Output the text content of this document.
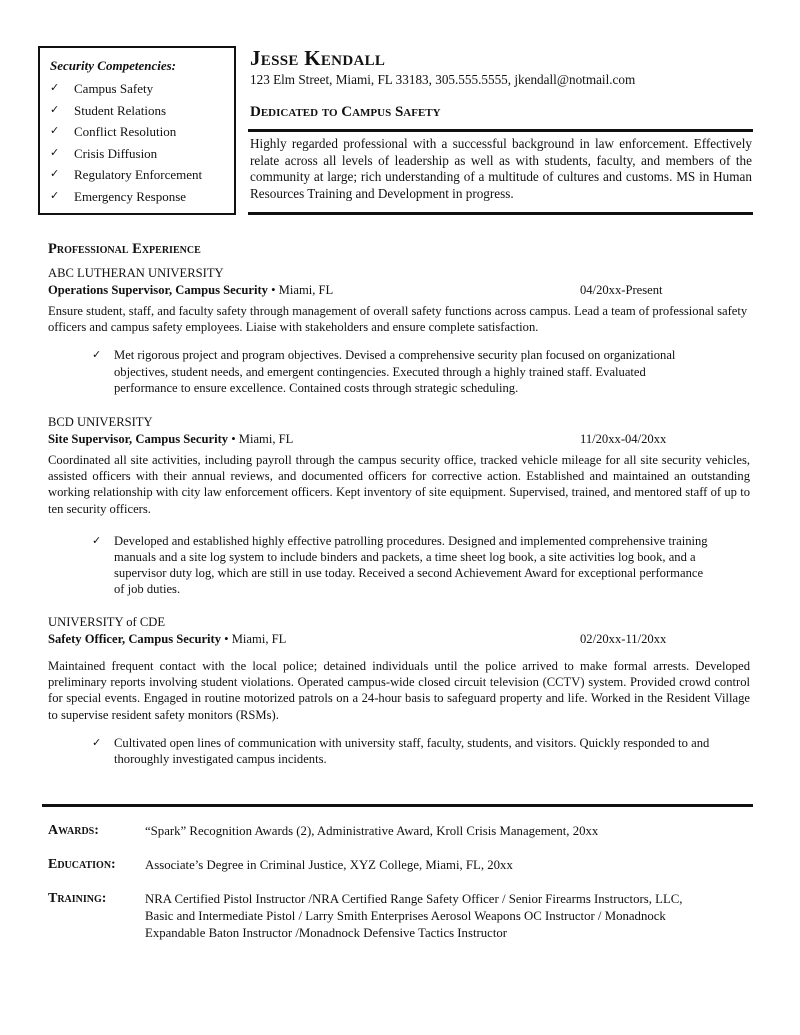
Security Competencies:
✓	Campus Safety
✓	Student Relations
✓	Conflict Resolution
✓	Crisis Diffusion
✓	Regulatory Enforcement
✓	Emergency Response
Jesse Kendall
123 Elm Street, Miami, FL 33183, 305.555.5555, jkendall@notmail.com
Dedicated to Campus Safety
Highly regarded professional with a successful background in law enforcement. Effectively relate across all levels of leadership as well as with students, faculty, and members of the community at large; rich understanding of a multitude of cultures and customs. MS in Human Resources Training and Development in progress.
Professional Experience
ABC LUTHERAN UNIVERSITY
Operations Supervisor, Campus Security • Miami, FL	04/20xx-Present
Ensure student, staff, and faculty safety through management of overall safety functions across campus. Lead a team of professional safety officers and campus safety employees. Liaise with stakeholders and ensure complete satisfaction.
✓	Met rigorous project and program objectives. Devised a comprehensive security plan focused on organizational objectives, student needs, and emergent contingencies. Executed through a highly trained staff. Evaluated performance to ensure excellence. Contained costs through strategic scheduling.
BCD UNIVERSITY
Site Supervisor, Campus Security • Miami, FL	11/20xx-04/20xx
Coordinated all site activities, including payroll through the campus security office, tracked vehicle mileage for all site security vehicles, assisted officers with their annual reviews, and documented officers for corrective action. Established and maintained an outstanding working relationship with city law enforcement officers. Kept inventory of site equipment. Supervised, trained, and mentored staff of up to ten security officers.
✓	Developed and established highly effective patrolling procedures. Designed and implemented comprehensive training manuals and a site log system to include binders and packets, a time sheet log book, a site activities log book, and a supervisor duty log, which are still in use today. Received a second Achievement Award for exceptional performance of job duties.
UNIVERSITY of CDE
Safety Officer, Campus Security • Miami, FL	02/20xx-11/20xx
Maintained frequent contact with the local police; detained individuals until the police arrived to make formal arrests. Developed preliminary reports involving student violations. Operated campus-wide closed circuit television (CCTV) system. Provided crowd control for special events. Engaged in routine motorized patrols on a 24-hour basis to safeguard property and life. Worked in the Resident Village to supervise resident safety monitors (RSMs).
✓	Cultivated open lines of communication with university staff, faculty, students, and visitors. Quickly responded to and thoroughly investigated campus incidents.
Awards:	“Spark” Recognition Awards (2), Administrative Award, Kroll Crisis Management, 20xx
Education:	Associate’s Degree in Criminal Justice, XYZ College, Miami, FL, 20xx
Training:	NRA Certified Pistol Instructor /NRA Certified Range Safety Officer / Senior Firearms Instructors, LLC, Basic and Intermediate Pistol / Larry Smith Enterprises Aerosol Weapons OC Instructor / Monadnock Expandable Baton Instructor /Monadnock Defensive Tactics Instructor
